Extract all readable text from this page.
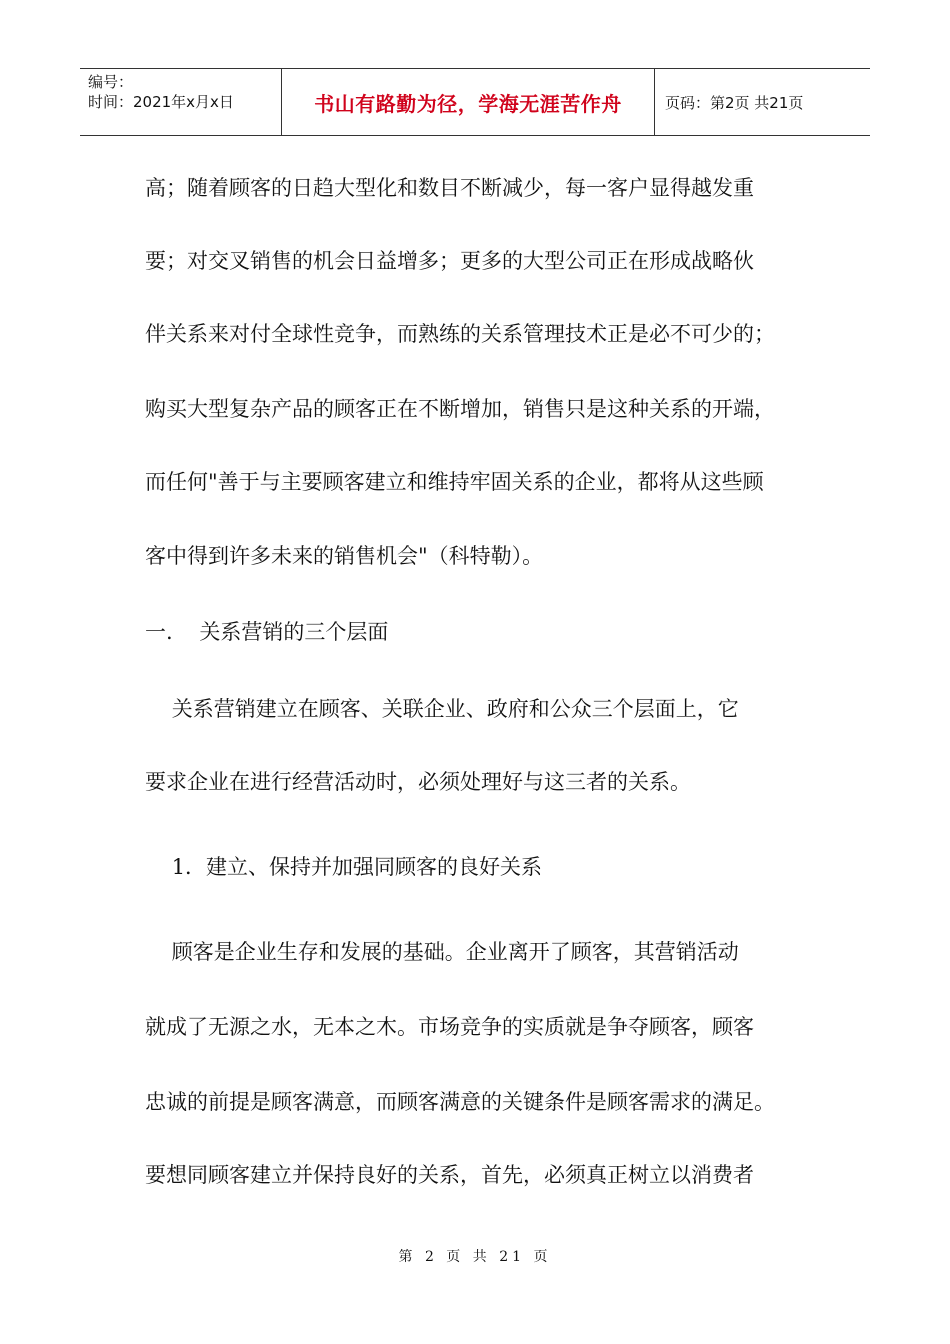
编号：
时间：2021年x月x日	书山有路勤为径，学海无涯苦作舟	页码：第2页 共21页
高；随着顾客的日趋大型化和数目不断减少，每一客户显得越发重
要；对交叉销售的机会日益增多；更多的大型公司正在形成战略伙
伴关系来对付全球性竞争，而熟练的关系管理技术正是必不可少的；
购买大型复杂产品的顾客正在不断增加，销售只是这种关系的开端，
而任何"善于与主要顾客建立和维持牢固关系的企业，都将从这些顾
客中得到许多未来的销售机会"（科特勒）。
一.    关系营销的三个层面
关系营销建立在顾客、关联企业、政府和公众三个层面上，它
要求企业在进行经营活动时，必须处理好与这三者的关系。
1．建立、保持并加强同顾客的良好关系
顾客是企业生存和发展的基础。企业离开了顾客，其营销活动
就成了无源之水，无本之木。市场竞争的实质就是争夺顾客，顾客
忠诚的前提是顾客满意，而顾客满意的关键条件是顾客需求的满足。
要想同顾客建立并保持良好的关系，首先，必须真正树立以消费者
第 2 页 共 21 页
